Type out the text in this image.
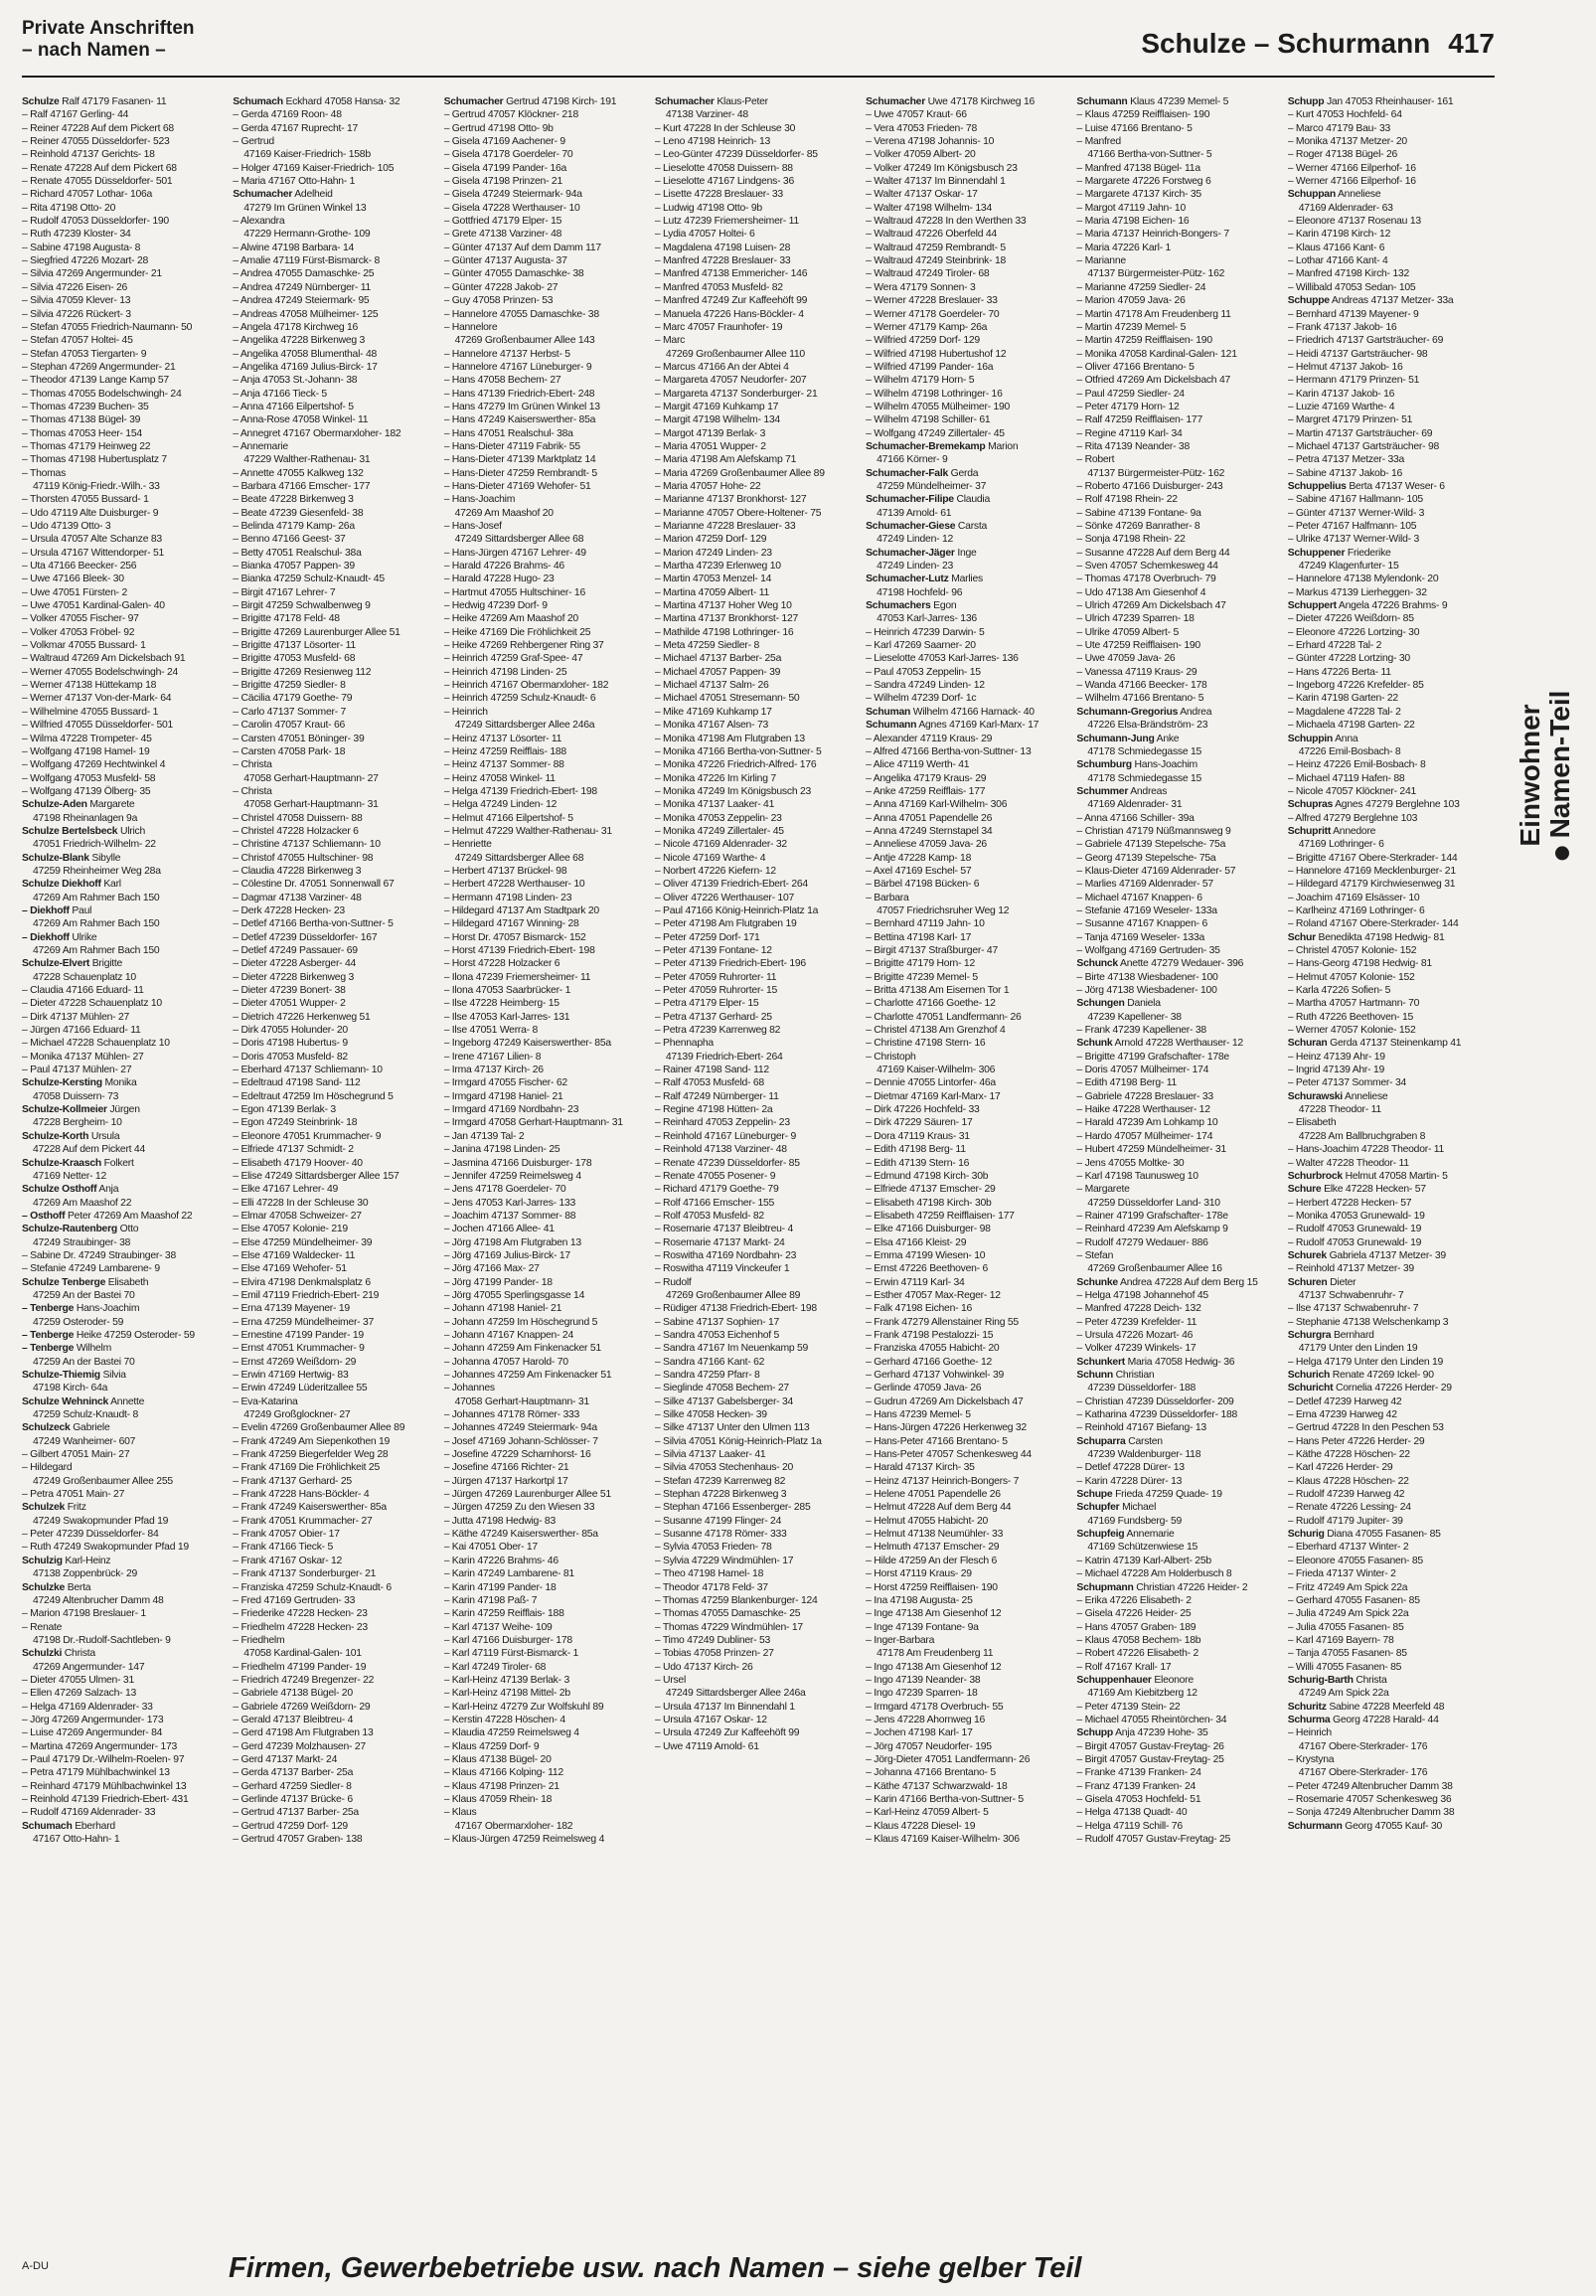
Private Anschriften
– nach Namen –	Schulze – Schurmann 417
Schulze Ralf 47179 Fasanen- 11
– Ralf 47167 Gerling- 44
– Reiner 47228 Auf dem Pickert 68
– Reiner 47055 Düsseldorfer- 523
– Reinhold 47137 Gerichts- 18
– Renate 47228 Auf dem Pickert 68
– Renate 47055 Düsseldorfer- 501
– Richard 47057 Lothar- 106a
– Rita 47198 Otto- 20
– Rudolf 47053 Düsseldorfer- 190
– Ruth 47239 Kloster- 34
– Sabine 47198 Augusta- 8
– Siegfried 47226 Mozart- 28
– Silvia 47269 Angermunder- 21
– Silvia 47226 Eisen- 26
– Silvia 47059 Klever- 13
– Silvia 47226 Rückert- 3
– Stefan 47055 Friedrich-Naumann- 50
– Stefan 47057 Holtei- 45
– Stefan 47053 Tiergarten- 9
– Stephan 47269 Angermunder- 21
– Theodor 47139 Lange Kamp 57
– Thomas 47055 Bodelschwingh- 24
– Thomas 47239 Buchen- 35
– Thomas 47138 Bügel- 39
– Thomas 47053 Heer- 154
– Thomas 47179 Heinweg 22
– Thomas 47198 Hubertusplatz 7
– Thomas
47119 König-Friedr.-Wilh.- 33
– Thorsten 47055 Bussard- 1
– Udo 47119 Alte Duisburger- 9
– Udo 47139 Otto- 3
– Ursula 47057 Alte Schanze 83
– Ursula 47167 Wittendorper- 51
– Uta 47166 Beecker- 256
– Uwe 47166 Bleek- 30
– Uwe 47051 Fürsten- 2
– Uwe 47051 Kardinal-Galen- 40
– Volker 47055 Fischer- 97
– Volker 47053 Fröbel- 92
– Volkmar 47055 Bussard- 1
– Waltraud 47269 Am Dickelsbach 91
– Werner 47055 Bodelschwingh- 24
– Werner 47138 Hüttekamp 18
– Werner 47137 Von-der-Mark- 64
– Wilhelmine 47055 Bussard- 1
– Wilfried 47055 Düsseldorfer- 501
– Wilma 47228 Trompeter- 45
– Wolfgang 47198 Hamel- 19
– Wolfgang 47269 Hechtwinkel 4
– Wolfgang 47053 Musfeld- 58
– Wolfgang 47139 Ölberg- 35
Schulze-Aden Margarete
47198 Rheinanlagen 9a
Schulze Bertelsbeck Ulrich
47051 Friedrich-Wilhelm- 22
Schulze-Blank Sibylle
47259 Rheinheimer Weg 28a
Schulze Diekhoff Karl
47269 Am Rahmer Bach 150
– Diekhoff Paul
47269 Am Rahmer Bach 150
– Diekhoff Ulrike
47269 Am Rahmer Bach 150
Schulze-Elvert Brigitte
47228 Schauenplatz 10
– Claudia 47166 Eduard- 11
– Dieter 47228 Schauenplatz 10
– Dirk 47137 Mühlen- 27
– Jürgen 47166 Eduard- 11
– Michael 47228 Schauenplatz 10
– Monika 47137 Mühlen- 27
– Paul 47137 Mühlen- 27
Schulze-Kersting Monika
47058 Duissern- 73
Schulze-Kollmeier Jürgen
47228 Bergheim- 10
Schulze-Korth Ursula
47228 Auf dem Pickert 44
Schulze-Kraasch Folkert
47169 Netter- 12
Schulze Osthoff Anja
47269 Am Maashof 22
– Osthoff Peter 47269 Am Maashof 22
Schulze-Rautenberg Otto
47249 Straubinger- 38
– Sabine Dr. 47249 Straubinger- 38
– Stefanie 47249 Lambarene- 9
Schulze Tenberge Elisabeth
47259 An der Bastei 70
– Tenberge Hans-Joachim
47259 Osteroder- 59
– Tenberge Heike 47259 Osteroder- 59
– Tenberge Wilhelm
47259 An der Bastei 70
Schulze-Thiemig Silvia
47198 Kirch- 64a
Schulze Wehninck Annette
47259 Schulz-Knaudt- 8
Schulzeck Gabriele
47249 Wanheimer- 607
– Gilbert 47051 Main- 27
– Hildegard
47249 Großenbaumer Allee 255
– Petra 47051 Main- 27
Schulzek Fritz
47249 Swakopmunder Pfad 19
– Peter 47239 Düsseldorfer- 84
– Ruth 47249 Swakopmunder Pfad 19
Schulzig Karl-Heinz
47138 Zoppenbrück- 29
Schulzke Berta
47249 Altenbrucher Damm 48
– Marion 47198 Breslauer- 1
– Renate
47198 Dr.-Rudolf-Sachtleben- 9
Schulzki Christa
47269 Angermunder- 147
– Dieter 47055 Ulmen- 31
– Ellen 47269 Salzach- 13
– Helga 47169 Aldenrader- 33
– Jörg 47269 Angermunder- 173
– Luise 47269 Angermunder- 84
– Martina 47269 Angermunder- 173
– Paul 47179 Dr.-Wilhelm-Roelen- 97
– Petra 47179 Mühlbachwinkel 13
– Reinhard 47179 Mühlbachwinkel 13
– Reinhold 47139 Friedrich-Ebert- 431
– Rudolf 47169 Aldenrader- 33
Schumach Eberhard
47167 Otto-Hahn- 1
Schumach Eckhard 47058 Hansa- 32
– Gerda 47169 Roon- 48
– Gerda 47167 Ruprecht- 17
– Gertrud
47169 Kaiser-Friedrich- 158b
– Holger 47169 Kaiser-Friedrich- 105
– Maria 47167 Otto-Hahn- 1
Schumacher Adelheid
47279 Im Grünen Winkel 13
– Alexandra
47229 Hermann-Grothe- 109
– Alwine 47198 Barbara- 14
– Amalie 47119 Fürst-Bismarck- 8
– Andrea 47055 Damaschke- 25
– Andrea 47249 Nürnberger- 11
– Andrea 47249 Steiermark- 95
– Andreas 47058 Mülheimer- 125
– Angela 47178 Kirchweg 16
– Angelika 47228 Birkenweg 3
– Angelika 47058 Blumenthal- 48
– Angelika 47169 Julius-Birck- 17
– Anja 47053 St.-Johann- 38
– Anja 47166 Tieck- 5
– Anna 47166 Eilpertshof- 5
– Anna-Rose 47058 Winkel- 11
– Annegret 47167 Obermarxloher- 182
– Annemarie
47229 Walther-Rathenau- 31
– Annette 47055 Kalkweg 132
– Barbara 47166 Emscher- 177
– Beate 47228 Birkenweg 3
– Beate 47239 Giesenfeld- 38
– Belinda 47179 Kamp- 26a
– Benno 47166 Geest- 37
– Betty 47051 Realschul- 38a
– Bianka 47057 Pappen- 39
– Bianka 47259 Schulz-Knaudt- 45
– Birgit 47167 Lehrer- 7
– Birgit 47259 Schwalbenweg 9
– Brigitte 47178 Feld- 48
– Brigitte 47269 Laurenburger Allee 51
– Brigitte 47137 Lösorter- 11
– Brigitte 47053 Musfeld- 68
– Brigitte 47269 Resienweg 112
– Brigitte 47259 Siedler- 8
– Cäcilia 47179 Goethe- 79
– Carlo 47137 Sommer- 7
– Carolin 47057 Kraut- 66
– Carsten 47051 Böninger- 39
– Carsten 47058 Park- 18
– Christa
47058 Gerhart-Hauptmann- 27
– Christa
47058 Gerhart-Hauptmann- 31
– Christel 47058 Duissern- 88
– Christel 47228 Holzacker 6
– Christine 47137 Schliemann- 10
– Christof 47055 Hultschiner- 98
– Claudia 47228 Birkenweg 3
– Cölestine Dr. 47051 Sonnenwall 67
– Dagmar 47138 Varziner- 48
– Derk 47228 Hecken- 23
– Detlef 47166 Bertha-von-Suttner- 5
– Detlef 47239 Düsseldorfer- 167
– Detlef 47249 Passauer- 69
– Dieter 47228 Asberger- 44
– Dieter 47228 Birkenweg 3
– Dieter 47239 Bonert- 38
– Dieter 47051 Wupper- 2
– Dietrich 47226 Herkenweg 51
– Dirk 47055 Holunder- 20
– Doris 47198 Hubertus- 9
– Doris 47053 Musfeld- 82
– Eberhard 47137 Schliemann- 10
– Edeltraud 47198 Sand- 112
– Edeltraut 47259 Im Höschegrund 5
– Egon 47139 Berlak- 3
– Egon 47249 Steinbrink- 18
– Eleonore 47051 Krummacher- 9
– Elfriede 47137 Schmidt- 2
– Elisabeth 47179 Hoover- 40
– Elise 47249 Sittardsberger Allee 157
– Elke 47167 Lehrer- 49
– Elli 47228 In der Schleuse 30
– Elmar 47058 Schweizer- 27
– Else 47057 Kolonie- 219
– Else 47259 Mündelheimer- 39
– Else 47169 Waldecker- 11
– Else 47169 Wehofer- 51
– Elvira 47198 Denkmalsplatz 6
– Emil 47119 Friedrich-Ebert- 219
– Erna 47139 Mayener- 19
– Erna 47259 Mündelheimer- 37
– Ernestine 47199 Pander- 19
– Ernst 47051 Krummacher- 9
– Ernst 47269 Weißdorn- 29
– Erwin 47169 Hertwig- 83
– Erwin 47249 Lüderitzallee 55
– Eva-Katarina
47249 Großglockner- 27
– Evelin 47269 Großenbaumer Allee 89
– Frank 47249 Am Siepenkothen 19
– Frank 47259 Biegerfelder Weg 28
– Frank 47169 Die Fröhlichkeit 25
– Frank 47137 Gerhard- 25
– Frank 47228 Hans-Böckler- 4
– Frank 47249 Kaiserswerther- 85a
– Frank 47051 Krummacher- 27
– Frank 47057 Obier- 17
– Frank 47166 Tieck- 5
– Frank 47167 Oskar- 12
– Frank 47137 Sonderburger- 21
– Franziska 47259 Schulz-Knaudt- 6
– Fred 47169 Gertruden- 33
– Friederike 47228 Hecken- 23
– Friedhelm 47228 Hecken- 23
– Friedhelm
47058 Kardinal-Galen- 101
– Friedhelm 47199 Pander- 19
– Friedrich 47249 Bregenzer- 22
– Gabriele 47138 Bügel- 20
– Gabriele 47269 Weißdorn- 29
– Gerald 47137 Bleibtreu- 4
– Gerd 47198 Am Flutgraben 13
– Gerd 47239 Molzhausen- 27
– Gerd 47137 Markt- 24
– Gerda 47137 Barber- 25a
– Gerhard 47259 Siedler- 8
– Gerlinde 47137 Brücke- 6
– Gertrud 47137 Barber- 25a
– Gertrud 47259 Dorf- 129
– Gertrud 47057 Graben- 138
Schumacher Gertrud 47198 Kirch- 191
– Gertrud 47057 Klöckner- 218
– Gertrud 47198 Otto- 9b
– Gisela 47169 Aachener- 9
– Gisela 47178 Goerdeler- 70
– Gisela 47199 Pander- 16a
– Gisela 47198 Prinzen- 21
– Gisela 47249 Steiermark- 94a
– Gisela 47228 Werthauser- 10
– Gottfried 47179 Elper- 15
– Grete 47138 Varziner- 48
– Günter 47137 Auf dem Damm 117
– Günter 47137 Augusta- 37
– Günter 47055 Damaschke- 38
– Günter 47228 Jakob- 27
– Guy 47058 Prinzen- 53
– Hannelore 47055 Damaschke- 38
– Hannelore
47269 Großenbaumer Allee 143
– Hannelore 47137 Herbst- 5
– Hannelore 47167 Lüneburger- 9
– Hans 47058 Bechem- 27
– Hans 47139 Friedrich-Ebert- 248
– Hans 47279 Im Grünen Winkel 13
– Hans 47249 Kaiserswerther- 85a
– Hans 47051 Realschul- 38a
– Hans-Dieter 47119 Fabrik- 55
– Hans-Dieter 47139 Marktplatz 14
– Hans-Dieter 47259 Rembrandt- 5
– Hans-Dieter 47169 Wehofer- 51
– Hans-Joachim
47269 Am Maashof 20
– Hans-Josef
47249 Sittardsberger Allee 68
– Hans-Jürgen 47167 Lehrer- 49
– Harald 47226 Brahms- 46
– Harald 47228 Hugo- 23
– Hartmut 47055 Hultschiner- 16
– Hedwig 47239 Dorf- 9
– Heike 47269 Am Maashof 20
– Heike 47169 Die Fröhlichkeit 25
– Heike 47269 Rehbergener Ring 37
– Heinrich 47259 Graf-Spee- 47
– Heinrich 47198 Linden- 25
– Heinrich 47167 Obermarxloher- 182
– Heinrich 47259 Schulz-Knaudt- 6
– Heinrich
47249 Sittardsberger Allee 246a
– Heinz 47137 Lösorter- 11
– Heinz 47259 Reifflais- 188
– Heinz 47137 Sommer- 88
– Heinz 47058 Winkel- 11
– Helga 47139 Friedrich-Ebert- 198
– Helga 47249 Linden- 12
– Helmut 47166 Eilpertshof- 5
– Helmut 47229 Walther-Rathenau- 31
– Henriette
47249 Sittardsberger Allee 68
– Herbert 47137 Brückel- 98
– Herbert 47228 Werthauser- 10
– Hermann 47198 Linden- 23
– Hildegard 47137 Am Stadtpark 20
– Hildegard 47167 Winning- 28
– Horst Dr. 47057 Bismarck- 152
– Horst 47139 Friedrich-Ebert- 198
– Horst 47228 Holzacker 6
– Ilona 47239 Friemersheimer- 11
– Ilona 47053 Saarbrücker- 1
– Ilse 47228 Heimberg- 15
– Ilse 47053 Karl-Jarres- 131
– Ilse 47051 Werra- 8
– Ingeborg 47249 Kaiserswerther- 85a
– Irene 47167 Lilien- 8
– Irma 47137 Kirch- 26
– Irmgard 47055 Fischer- 62
– Irmgard 47198 Haniel- 21
– Irmgard 47169 Nordbahn- 23
– Irmgard 47058 Gerhart-Hauptmann- 31
– Jan 47139 Tal- 2
– Janina 47198 Linden- 25
– Jasmina 47166 Duisburger- 178
– Jennifer 47259 Reimelsweg 4
– Jens 47178 Goerdeler- 70
– Jens 47053 Karl-Jarres- 133
– Joachim 47137 Sommer- 88
– Jochen 47166 Allee- 41
– Jörg 47198 Am Flutgraben 13
– Jörg 47169 Julius-Birck- 17
– Jörg 47166 Max- 27
– Jörg 47199 Pander- 18
– Jörg 47055 Sperlingsgasse 14
– Johann 47198 Haniel- 21
– Johann 47259 Im Höschegrund 5
– Johann 47167 Knappen- 24
– Johann 47259 Am Finkenacker 51
– Johanna 47057 Harold- 70
– Johannes 47259 Am Finkenacker 51
– Johannes
47058 Gerhart-Hauptmann- 31
– Johannes 47178 Römer- 333
– Johannes 47249 Steiermark- 94a
– Josef 47169 Johann-Schlösser- 7
– Josefine 47229 Scharnhorst- 16
– Josefine 47166 Richter- 21
– Jürgen 47137 Harkortpl 17
– Jürgen 47269 Laurenburger Allee 51
– Jürgen 47259 Zu den Wiesen 33
– Jutta 47198 Hedwig- 83
– Käthe 47249 Kaiserswerther- 85a
– Kai 47051 Ober- 17
– Karin 47226 Brahms- 46
– Karin 47249 Lambarene- 81
– Karin 47199 Pander- 18
– Karin 47198 Paß- 7
– Karin 47259 Reifflais- 188
– Karl 47137 Weihe- 109
– Karl 47166 Duisburger- 178
– Karl 47119 Fürst-Bismarck- 1
– Karl 47249 Tiroler- 68
– Karl-Heinz 47139 Berlak- 3
– Karl-Heinz 47198 Mittel- 2b
– Karl-Heinz 47279 Zur Wolfskuhl 89
– Kerstin 47228 Höschen- 4
– Klaudia 47259 Reimelsweg 4
– Klaus 47259 Dorf- 9
– Klaus 47138 Bügel- 20
– Klaus 47166 Kolping- 112
– Klaus 47198 Prinzen- 21
– Klaus 47059 Rhein- 18
– Klaus
47167 Obermarxloher- 182
– Klaus-Jürgen 47259 Reimelsweg 4
Schumacher Klaus-Peter
47138 Varziner- 48
– Kurt 47228 In der Schleuse 30
– Leno 47198 Heinrich- 13
– Leo-Günter 47239 Düsseldorfer- 85
– Lieselotte 47058 Duissern- 88
– Lieselotte 47167 Lindgens- 36
– Lisette 47228 Breslauer- 33
– Ludwig 47198 Otto- 9b
– Lutz 47239 Friemersheimer- 11
– Lydia 47057 Holtei- 6
– Magdalena 47198 Luisen- 28
– Manfred 47228 Breslauer- 33
– Manfred 47138 Emmericher- 146
– Manfred 47053 Musfeld- 82
– Manfred 47249 Zur Kaffeehöft 99
– Manuela 47226 Hans-Böckler- 4
– Marc 47057 Fraunhofer- 19
– Marc
47269 Großenbaumer Allee 110
– Marcus 47166 An der Abtei 4
– Margareta 47057 Neudorfer- 207
– Margareta 47137 Sonderburger- 21
– Margit 47169 Kuhkamp 17
– Margit 47198 Wilhelm- 134
– Margot 47139 Berlak- 3
– Maria 47051 Wupper- 2
– Maria 47198 Am Alefskamp 71
– Maria 47269 Großenbaumer Allee 89
– Maria 47057 Hohe- 22
– Marianne 47137 Bronkhorst- 127
– Marianne 47057 Obere-Holtener- 75
– Marianne 47228 Breslauer- 33
– Marion 47259 Dorf- 129
– Marion 47249 Linden- 23
– Martha 47239 Erlenweg 10
– Martin 47053 Menzel- 14
– Martina 47059 Albert- 11
– Martina 47137 Hoher Weg 10
– Martina 47137 Bronkhorst- 127
– Mathilde 47198 Lothringer- 16
– Meta 47259 Siedler- 8
– Michael 47137 Barber- 25a
– Michael 47057 Pappen- 39
– Michael 47137 Salm- 26
– Michael 47051 Stresemann- 50
– Mike 47169 Kuhkamp 17
– Monika 47167 Alsen- 73
– Monika 47198 Am Flutgraben 13
– Monika 47166 Bertha-von-Suttner- 5
– Monika 47226 Friedrich-Alfred- 176
– Monika 47226 Im Kirling 7
– Monika 47249 Im Königsbusch 23
– Monika 47137 Laaker- 41
– Monika 47053 Zeppelin- 23
– Monika 47249 Zillertaler- 45
– Nicole 47169 Aldenrader- 32
– Nicole 47169 Warthe- 4
– Norbert 47226 Kiefern- 12
– Oliver 47139 Friedrich-Ebert- 264
– Oliver 47226 Werthauser- 107
– Paul 47166 König-Heinrich-Platz 1a
– Peter 47198 Am Flutgraben 19
– Peter 47259 Dorf- 171
– Peter 47139 Fontane- 12
– Peter 47139 Friedrich-Ebert- 196
– Peter 47059 Ruhrorter- 11
– Peter 47059 Ruhrorter- 15
– Petra 47179 Elper- 15
– Petra 47137 Gerhard- 25
– Petra 47239 Karrenweg 82
– Phennapha
47139 Friedrich-Ebert- 264
– Rainer 47198 Sand- 112
– Ralf 47053 Musfeld- 68
– Ralf 47249 Nürnberger- 11
– Regine 47198 Hütten- 2a
– Reinhard 47053 Zeppelin- 23
– Reinhold 47167 Lüneburger- 9
– Reinhold 47138 Varziner- 48
– Renate 47239 Düsseldorfer- 85
– Renate 47055 Posener- 9
– Richard 47179 Goethe- 79
– Rolf 47166 Emscher- 155
– Rolf 47053 Musfeld- 82
– Rosemarie 47137 Bleibtreu- 4
– Rosemarie 47137 Markt- 24
– Roswitha 47169 Nordbahn- 23
– Roswitha 47119 Vinckeufer 1
– Rudolf
47269 Großenbaumer Allee 89
– Rüdiger 47138 Friedrich-Ebert- 198
– Sabine 47137 Sophien- 17
– Sandra 47053 Eichenhof 5
– Sandra 47167 Im Neuenkamp 59
– Sandra 47166 Kant- 62
– Sandra 47259 Pfarr- 8
– Sieglinde 47058 Bechem- 27
– Silke 47137 Gabelsberger- 34
– Silke 47058 Hecken- 39
– Silke 47137 Unter den Ulmen 113
– Silvia 47051 König-Heinrich-Platz 1a
– Silvia 47137 Laaker- 41
– Silvia 47053 Stechenhaus- 20
– Stefan 47239 Karrenweg 82
– Stephan 47228 Birkenweg 3
– Stephan 47166 Essenberger- 285
– Susanne 47199 Flinger- 24
– Susanne 47178 Römer- 333
– Sylvia 47053 Frieden- 78
– Sylvia 47229 Windmühlen- 17
– Theo 47198 Hamel- 18
– Theodor 47178 Feld- 37
– Thomas 47259 Blankenburger- 124
– Thomas 47055 Damaschke- 25
– Thomas 47229 Windmühlen- 17
– Timo 47249 Dubliner- 53
– Tobias 47058 Prinzen- 27
– Udo 47137 Kirch- 26
– Ursel
47249 Sittardsberger Allee 246a
– Ursula 47137 Im Binnendahl 1
– Ursula 47167 Oskar- 12
– Ursula 47249 Zur Kaffeehöft 99
– Uwe 47119 Amold- 61
Schumacher Uwe 47178 Kirchweg 16
– Uwe 47057 Kraut- 66
– Vera 47053 Frieden- 78
– Verena 47198 Johannis- 10
– Volker 47059 Albert- 20
– Volker 47249 Im Königsbusch 23
– Walter 47137 Im Binnendahl 1
– Walter 47137 Oskar- 17
– Walter 47198 Wilhelm- 134
– Waltraud 47228 In den Werthen 33
– Waltraud 47226 Oberfeld 44
– Waltraud 47259 Rembrandt- 5
– Waltraud 47249 Steinbrink- 18
– Waltraud 47249 Tiroler- 68
– Wera 47179 Sonnen- 3
– Werner 47228 Breslauer- 33
– Werner 47178 Goerdeler- 70
– Werner 47179 Kamp- 26a
– Wilfried 47259 Dorf- 129
– Wilfried 47198 Hubertushof 12
– Wilfried 47199 Pander- 16a
– Wilhelm 47179 Horn- 5
– Wilhelm 47198 Lothringer- 16
– Wilhelm 47055 Mülheimer- 190
– Wilhelm 47198 Schiller- 61
– Wolfgang 47249 Zillertaler- 45
Schumacher-Bremekamp Marion
47166 Körner- 9
Schumacher-Falk Gerda
47259 Mündelheimer- 37
Schumacher-Filipe Claudia
47139 Arnold- 61
Schumacher-Giese Carsta
47249 Linden- 12
Schumacher-Jäger Inge
47249 Linden- 23
Schumacher-Lutz Marlies
47198 Hochfeld- 96
Schumachers Egon
47053 Karl-Jarres- 136
– Heinrich 47239 Darwin- 5
– Karl 47269 Saarner- 20
– Lieselotte 47053 Karl-Jarres- 136
– Paul 47053 Zeppelin- 15
– Sandra 47249 Linden- 12
– Wilhelm 47239 Dorf- 1c
Schuman Wilhelm 47166 Harnack- 40
Schumann Agnes 47169 Karl-Marx- 17
– Alexander 47119 Kraus- 29
– Alfred 47166 Bertha-von-Suttner- 13
– Alice 47119 Werth- 41
– Angelika 47179 Kraus- 29
– Anke 47259 Reifflais- 177
– Anna 47169 Karl-Wilhelm- 306
– Anna 47051 Papendelle 26
– Anna 47249 Sternstapel 34
– Anneliese 47059 Java- 26
– Antje 47228 Kamp- 18
– Axel 47169 Eschel- 57
– Bärbel 47198 Bücken- 6
– Barbara
47057 Friedrichsruher Weg 12
– Bernhard 47119 Jahn- 10
– Bettina 47198 Karl- 17
– Birgit 47137 Straßburger- 47
– Brigitte 47179 Horn- 12
– Brigitte 47239 Memel- 5
– Britta 47138 Am Eisernen Tor 1
– Charlotte 47166 Goethe- 12
– Charlotte 47051 Landfermann- 26
– Christel 47138 Am Grenzhof 4
– Christine 47198 Stern- 16
– Christoph
47169 Kaiser-Wilhelm- 306
– Dennie 47055 Lintorfer- 46a
– Dietmar 47169 Karl-Marx- 17
– Dirk 47226 Hochfeld- 33
– Dirk 47229 Säuren- 17
– Dora 47119 Kraus- 31
– Edith 47198 Berg- 11
– Edith 47139 Stern- 16
– Edmund 47198 Kirch- 30b
– Elfriede 47137 Emscher- 29
– Elisabeth 47198 Kirch- 30b
– Elisabeth 47259 Reifflaisen- 177
– Elke 47166 Duisburger- 98
– Elsa 47166 Kleist- 29
– Emma 47199 Wiesen- 10
– Ernst 47226 Beethoven- 6
– Erwin 47119 Karl- 34
– Esther 47057 Max-Reger- 12
– Falk 47198 Eichen- 16
– Frank 47279 Allenstainer Ring 55
– Frank 47198 Pestalozzi- 15
– Franziska 47055 Habicht- 20
– Gerhard 47166 Goethe- 12
– Gerhard 47137 Vohwinkel- 39
– Gerlinde 47059 Java- 26
– Gudrun 47269 Am Dickelsbach 47
– Hans 47239 Memel- 5
– Hans-Jürgen 47226 Herkenweg 32
– Hans-Peter 47166 Brentano- 5
– Hans-Peter 47057 Schenkesweg 44
– Harald 47137 Kirch- 35
– Heinz 47137 Heinrich-Bongers- 7
– Helene 47051 Papendelle 26
– Helmut 47228 Auf dem Berg 44
– Helmut 47055 Habicht- 20
– Helmut 47138 Neumühler- 33
– Helmuth 47137 Emscher- 29
– Hilde 47259 An der Flesch 6
– Horst 47119 Kraus- 29
– Horst 47259 Reifflaisen- 190
– Ina 47198 Augusta- 25
– Inge 47138 Am Giesenhof 12
– Inge 47139 Fontane- 9a
– Inger-Barbara
47178 Am Freudenberg 11
– Ingo 47138 Am Giesenhof 12
– Ingo 47139 Neander- 38
– Ingo 47239 Sparren- 18
– Irmgard 47178 Overbruch- 55
– Jens 47228 Ahornweg 16
– Jochen 47198 Karl- 17
– Jörg 47057 Neudorfer- 195
– Jörg-Dieter 47051 Landfermann- 26
– Johanna 47166 Brentano- 5
– Käthe 47137 Schwarzwald- 18
– Karin 47166 Bertha-von-Suttner- 5
– Karl-Heinz 47059 Albert- 5
– Klaus 47228 Diesel- 19
– Klaus 47169 Kaiser-Wilhelm- 306
Schumann Klaus 47239 Memel- 5
– Klaus 47259 Reifflaisen- 190
– Luise 47166 Brentano- 5
– Manfred
47166 Bertha-von-Suttner- 5
– Manfred 47138 Bügel- 11a
– Margarete 47226 Forstweg 6
– Margarete 47137 Kirch- 35
– Margot 47119 Jahn- 10
– Maria 47198 Eichen- 16
– Maria 47137 Heinrich-Bongers- 7
– Maria 47226 Karl- 1
– Marianne
47137 Bürgermeister-Pütz- 162
– Marianne 47259 Siedler- 24
– Marion 47059 Java- 26
– Martin 47178 Am Freudenberg 11
– Martin 47239 Memel- 5
– Martin 47259 Reifflaisen- 190
– Monika 47058 Kardinal-Galen- 121
– Oliver 47166 Brentano- 5
– Otfried 47269 Am Dickelsbach 47
– Paul 47259 Siedler- 24
– Peter 47179 Horn- 12
– Ralf 47259 Reifflaisen- 177
– Regine 47119 Karl- 34
– Rita 47139 Neander- 38
– Robert
47137 Bürgermeister-Pütz- 162
– Roberto 47166 Duisburger- 243
– Rolf 47198 Rhein- 22
– Sabine 47139 Fontane- 9a
– Sönke 47269 Banrather- 8
– Sonja 47198 Rhein- 22
– Susanne 47228 Auf dem Berg 44
– Sven 47057 Schemkesweg 44
– Thomas 47178 Overbruch- 79
– Udo 47138 Am Giesenhof 4
– Ulrich 47269 Am Dickelsbach 47
– Ulrich 47239 Sparren- 18
– Ulrike 47059 Albert- 5
– Ute 47259 Reifflaisen- 190
– Uwe 47059 Java- 26
– Vanessa 47119 Kraus- 29
– Wanda 47166 Beecker- 178
– Wilhelm 47166 Brentano- 5
Schumann-Gregorius Andrea
47226 Elsa-Brändström- 23
Schumann-Jung Anke
47178 Schmiedegasse 15
Schumburg Hans-Joachim
47178 Schmiedegasse 15
Schummer Andreas
47169 Aldenrader- 31
– Anna 47166 Schiller- 39a
– Christian 47179 Nüßmannsweg 9
– Gabriele 47139 Stepelsche- 75a
– Georg 47139 Stepelsche- 75a
– Klaus-Dieter 47169 Aldenrader- 57
– Marlies 47169 Aldenrader- 57
– Michael 47167 Knappen- 6
– Stefanie 47169 Weseler- 133a
– Susanne 47167 Knappen- 6
– Tanja 47169 Weseler- 133a
– Wolfgang 47169 Gertruden- 35
Schunck Anette 47279 Wedauer- 396
– Birte 47138 Wiesbadener- 100
– Jörg 47138 Wiesbadener- 100
Schungen Daniela
47239 Kapellener- 38
– Frank 47239 Kapellener- 38
Schunk Arnold 47228 Werthauser- 12
– Brigitte 47199 Grafschafter- 178e
– Doris 47057 Mülheimer- 174
– Edith 47198 Berg- 11
– Gabriele 47228 Breslauer- 33
– Haike 47228 Werthauser- 12
– Harald 47239 Am Lohkamp 10
– Hardo 47057 Mülheimer- 174
– Hubert 47259 Mündelheimer- 31
– Jens 47055 Moltke- 30
– Karl 47198 Taunusweg 10
– Margarete
47259 Düsseldorfer Land- 310
– Rainer 47199 Grafschafter- 178e
– Reinhard 47239 Am Alefskamp 9
– Rudolf 47279 Wedauer- 886
– Stefan
47269 Großenbaumer Allee 16
Schunke Andrea 47228 Auf dem Berg 15
– Helga 47198 Johannehof 45
– Manfred 47228 Deich- 132
– Peter 47239 Krefelder- 11
– Ursula 47226 Mozart- 46
– Volker 47239 Winkels- 17
Schunkert Maria 47058 Hedwig- 36
Schunn Christian
47239 Düsseldorfer- 188
– Christian 47239 Düsseldorfer- 209
– Katharina 47239 Düsseldorfer- 188
– Reinhold 47167 Biefang- 13
Schuparra Carsten
47239 Waldenburger- 118
– Detlef 47228 Dürer- 13
– Karin 47228 Dürer- 13
Schupe Frieda 47259 Quade- 19
Schupfer Michael
47169 Fundsberg- 59
Schupfeig Annemarie
47169 Schützenwiese 15
– Katrin 47139 Karl-Albert- 25b
– Michael 47228 Am Holderbusch 8
Schupmann Christian 47226 Heider- 2
– Erika 47226 Elisabeth- 2
– Gisela 47226 Heider- 25
– Hans 47057 Graben- 189
– Klaus 47058 Bechem- 18b
– Robert 47226 Elisabeth- 2
– Rolf 47167 Krall- 17
Schuppenhauer Eleonore
47169 Am Kiebitzberg 12
– Peter 47139 Stein- 22
– Michael 47055 Rheintörchen- 34
Schupp Anja 47239 Hohe- 35
– Birgit 47057 Gustav-Freytag- 26
– Birgit 47057 Gustav-Freytag- 25
– Franke 47139 Franken- 24
– Franz 47139 Franken- 24
– Gisela 47053 Hochfeld- 51
– Helga 47138 Quadt- 40
– Helga 47119 Schill- 76
– Rudolf 47057 Gustav-Freytag- 25
Schupp Jan 47053 Rheinhauser- 161
– Kurt 47053 Hochfeld- 64
– Marco 47179 Bau- 33
– Monika 47137 Metzer- 20
– Roger 47138 Bügel- 26
– Werner 47166 Eilperhof- 16
– Werner 47166 Eilperhof- 16
Schuppan Anneliese
47169 Aldenrader- 63
– Eleonore 47137 Rosenau 13
– Karin 47198 Kirch- 12
– Klaus 47166 Kant- 6
– Lothar 47166 Kant- 4
– Manfred 47198 Kirch- 132
– Willibald 47053 Sedan- 105
Schuppe Andreas 47137 Metzer- 33a
– Bernhard 47139 Mayener- 9
– Frank 47137 Jakob- 16
– Friedrich 47137 Gartsträucher- 69
– Heidi 47137 Gartsträucher- 98
– Helmut 47137 Jakob- 16
– Hermann 47179 Prinzen- 51
– Karin 47137 Jakob- 16
– Luzie 47169 Warthe- 4
– Margret 47179 Prinzen- 51
– Martin 47137 Gartsträucher- 69
– Michael 47137 Gartsträucher- 98
– Petra 47137 Metzer- 33a
– Sabine 47137 Jakob- 16
Schuppelius Berta 47137 Weser- 6
– Sabine 47167 Hallmann- 105
– Günter 47137 Werner-Wild- 3
– Peter 47167 Halfmann- 105
– Ulrike 47137 Werner-Wild- 3
Schuppener Friederike
47249 Klagenfurter- 15
– Hannelore 47138 Mylendonk- 20
– Markus 47139 Lierheggen- 32
Schuppert Angela 47226 Brahms- 9
– Dieter 47226 Weißdorn- 85
– Eleonore 47226 Lortzing- 30
– Erhard 47228 Tal- 2
– Günter 47228 Lortzing- 30
– Hans 47226 Berta- 11
– Ingeborg 47226 Krefelder- 85
– Karin 47198 Garten- 22
– Magdalene 47228 Tal- 2
– Michaela 47198 Garten- 22
Schuppin Anna
47226 Emil-Bosbach- 8
– Heinz 47226 Emil-Bosbach- 8
– Michael 47119 Hafen- 88
– Nicole 47057 Klöckner- 241
Schupras Agnes 47279 Berglehne 103
– Alfred 47279 Berglehne 103
Schupritt Annedore
47169 Lothringer- 6
– Brigitte 47167 Obere-Sterkrader- 144
– Hannelore 47169 Mecklenburger- 21
– Hildegard 47179 Kirchwiesenweg 31
– Joachim 47169 Elsässer- 10
– Karlheinz 47169 Lothringer- 6
– Roland 47167 Obere-Sterkrader- 144
Schur Benedikta 47198 Hedwig- 81
– Christel 47057 Kolonie- 152
– Hans-Georg 47198 Hedwig- 81
– Helmut 47057 Kolonie- 152
– Karla 47226 Sofien- 5
– Martha 47057 Hartmann- 70
– Ruth 47226 Beethoven- 15
– Werner 47057 Kolonie- 152
Schuran Gerda 47137 Steinenkamp 41
– Heinz 47139 Ahr- 19
– Ingrid 47139 Ahr- 19
– Peter 47137 Sommer- 34
Schurawski Anneliese
47228 Theodor- 11
– Elisabeth
47228 Am Ballbruchgraben 8
– Hans-Joachim 47228 Theodor- 11
– Walter 47228 Theodor- 11
Schurbrock Helmut 47058 Martin- 5
Schure Elke 47228 Hecken- 57
– Herbert 47228 Hecken- 57
– Monika 47053 Grunewald- 19
– Rudolf 47053 Grunewald- 19
– Rudolf 47053 Grunewald- 19
Schurek Gabriela 47137 Metzer- 39
– Reinhold 47137 Metzer- 39
Schuren Dieter
47137 Schwabenruhr- 7
– Ilse 47137 Schwabenruhr- 7
– Stephanie 47138 Welschenkamp 3
Schurgra Bernhard
47179 Unter den Linden 19
– Helga 47179 Unter den Linden 19
Schurich Renate 47269 Ickel- 90
Schuricht Cornelia 47226 Herder- 29
– Detlef 47239 Harweg 42
– Erna 47239 Harweg 42
– Gertrud 47228 In den Peschen 53
– Hans Peter 47226 Herder- 29
– Käthe 47228 Höschen- 22
– Karl 47226 Herder- 29
– Klaus 47228 Höschen- 22
– Rudolf 47239 Harweg 42
– Renate 47226 Lessing- 24
– Rudolf 47179 Jupiter- 39
Schurig Diana 47055 Fasanen- 85
– Eberhard 47137 Winter- 2
– Eleonore 47055 Fasanen- 85
– Frieda 47137 Winter- 2
– Fritz 47249 Am Spick 22a
– Gerhard 47055 Fasanen- 85
– Julia 47249 Am Spick 22a
– Julia 47055 Fasanen- 85
– Karl 47169 Bayern- 78
– Tanja 47055 Fasanen- 85
– Willi 47055 Fasanen- 85
Schurig-Barth Christa
47249 Am Spick 22a
Schuritz Sabine 47228 Meerfeld 48
Schurma Georg 47228 Harald- 44
– Heinrich
47167 Obere-Sterkrader- 176
– Krystyna
47167 Obere-Sterkrader- 176
– Peter 47249 Altenbrucher Damm 38
– Rosemarie 47057 Schenkesweg 36
– Sonja 47249 Altenbrucher Damm 38
Schurmann Georg 47055 Kauf- 30
Einwohner Namen-Teil
A-DU	Firmen, Gewerbebetriebe usw. nach Namen – siehe gelber Teil
